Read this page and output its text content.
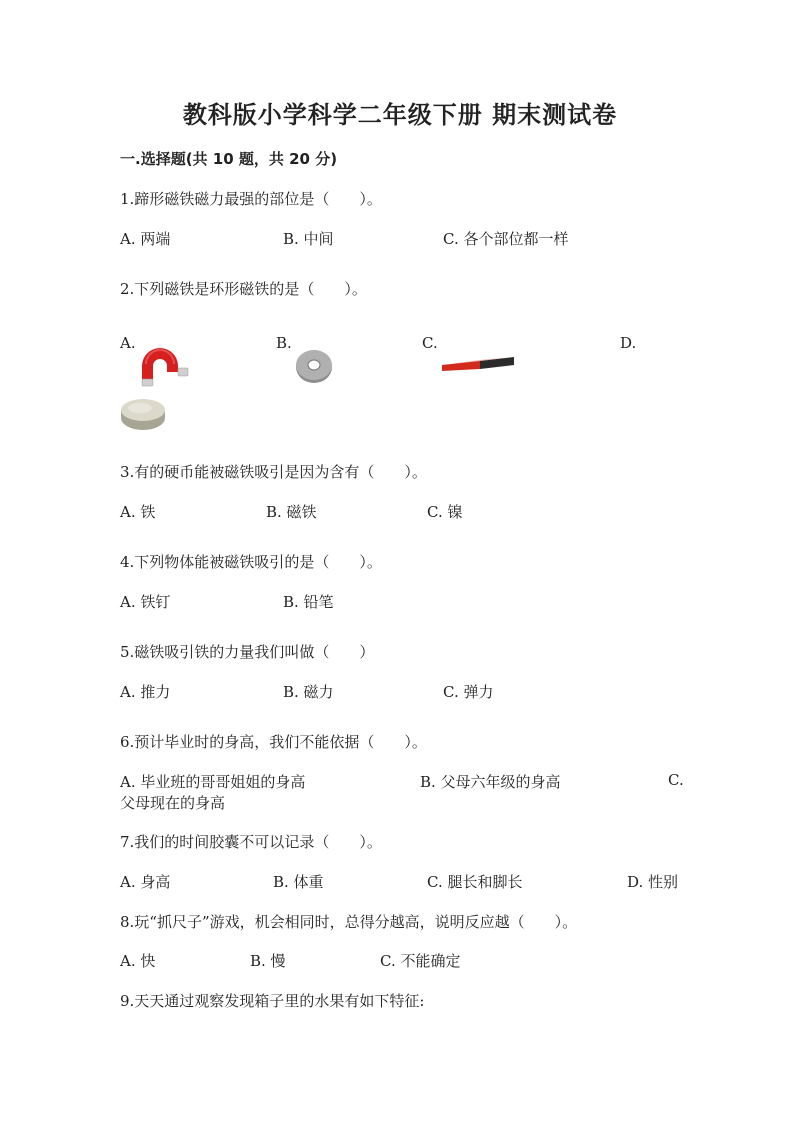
教科版小学科学二年级下册 期末测试卷
一.选择题(共 10 题，共 20 分)
1.蹄形磁铁磁力最强的部位是（　　）。
A. 两端	B. 中间	C. 各个部位都一样
2.下列磁铁是环形磁铁的是（　　）。
A.	B.	C.	D.
3.有的硬币能被磁铁吸引是因为含有（　　）。
A. 铁	B. 磁铁	C. 镍
4.下列物体能被磁铁吸引的是（　　）。
A. 铁钉	B. 铅笔
5.磁铁吸引铁的力量我们叫做（　　）
A. 推力	B. 磁力	C. 弹力
6.预计毕业时的身高，我们不能依据（　　）。
A. 毕业班的哥哥姐姐的身高	B. 父母六年级的身高	C.
父母现在的身高
7.我们的时间胶囊不可以记录（　　）。
A. 身高	B. 体重	C. 腿长和脚长	D. 性别
8.玩“抓尺子”游戏，机会相同时，总得分越高，说明反应越（　　）。
A. 快	B. 慢	C. 不能确定
9.天天通过观察发现箱子里的水果有如下特征:
